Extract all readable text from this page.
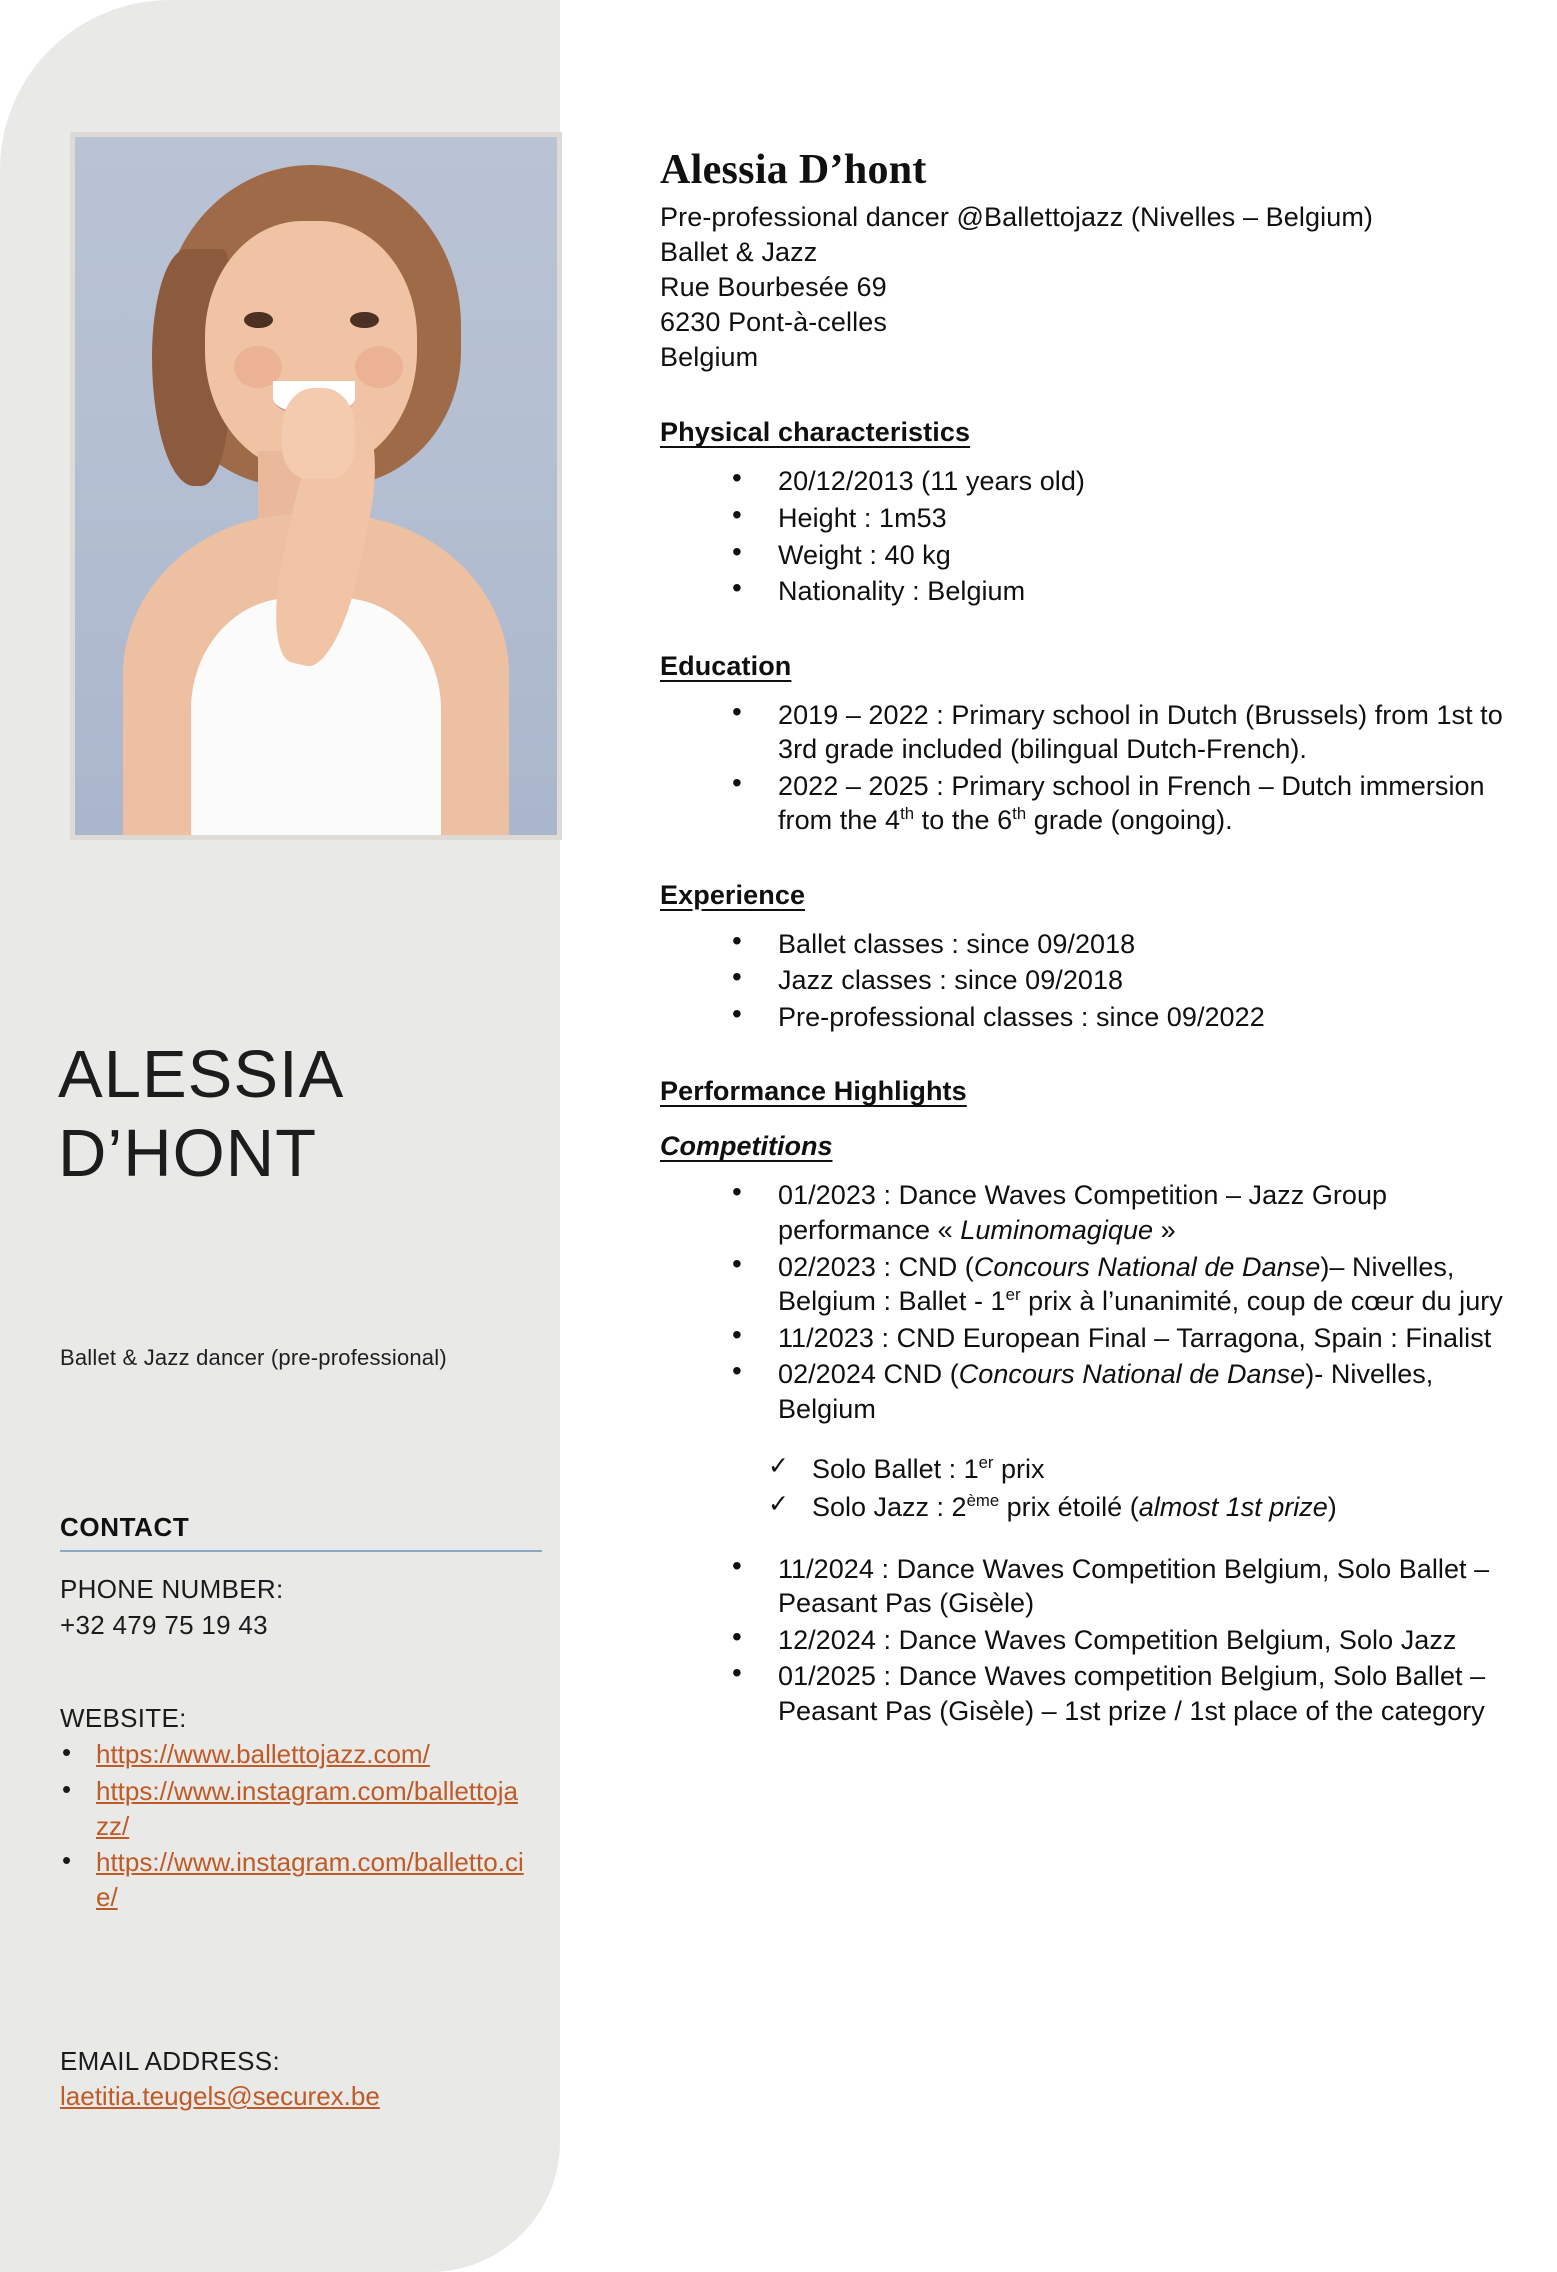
ALESSIA D’HONT
Ballet & Jazz dancer (pre-professional)
CONTACT
PHONE NUMBER:
+32 479 75 19 43
WEBSITE:
• https://www.ballettojazz.com/
• https://www.instagram.com/ballettojazz/
• https://www.instagram.com/balletto.cie/
EMAIL ADDRESS:
laetitia.teugels@securex.be
Alessia D’hont
Pre-professional dancer @Ballettojazz (Nivelles – Belgium)
Ballet & Jazz
Rue Bourbesée 69
6230 Pont-à-celles
Belgium
Physical characteristics
• 20/12/2013 (11 years old)
• Height : 1m53
• Weight : 40 kg
• Nationality : Belgium
Education
• 2019 – 2022 : Primary school in Dutch (Brussels) from 1st to 3rd grade included (bilingual Dutch-French).
• 2022 – 2025 : Primary school in French – Dutch immersion from the 4th to the 6th grade (ongoing).
Experience
• Ballet classes : since 09/2018
• Jazz classes : since 09/2018
• Pre-professional classes : since 09/2022
Performance Highlights
Competitions
• 01/2023 : Dance Waves Competition – Jazz Group performance « Luminomagique »
• 02/2023 : CND (Concours National de Danse)– Nivelles, Belgium : Ballet - 1er prix à l’unanimité, coup de cœur du jury
• 11/2023 : CND European Final – Tarragona, Spain : Finalist
• 02/2024 CND (Concours National de Danse)- Nivelles, Belgium
✓ Solo Ballet : 1er prix
✓ Solo Jazz : 2ème prix étoilé (almost 1st prize)
• 11/2024 : Dance Waves Competition Belgium, Solo Ballet – Peasant Pas (Gisèle)
• 12/2024 : Dance Waves Competition Belgium, Solo Jazz
• 01/2025 : Dance Waves competition Belgium, Solo Ballet – Peasant Pas (Gisèle) – 1st prize / 1st place of the category
